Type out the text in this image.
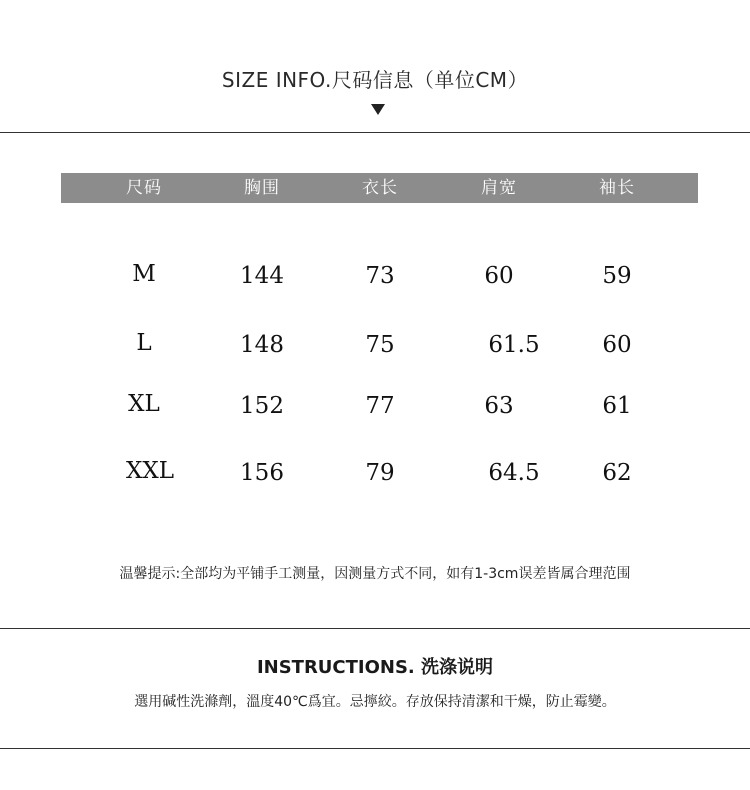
SIZE INFO.尺码信息（单位CM）
尺码	胸围	衣长	肩宽	袖长
M	144	73	60	59
L	148	75	61.5	60
XL	152	77	63	61
XXL	156	79	64.5	62
温馨提示:全部均为平铺手工测量，因测量方式不同，如有1-3cm误差皆属合理范围
INSTRUCTIONS. 洗涤说明
選用碱性洗滌劑，溫度40℃爲宜。忌擰絞。存放保持清潔和干燥，防止霉變。
